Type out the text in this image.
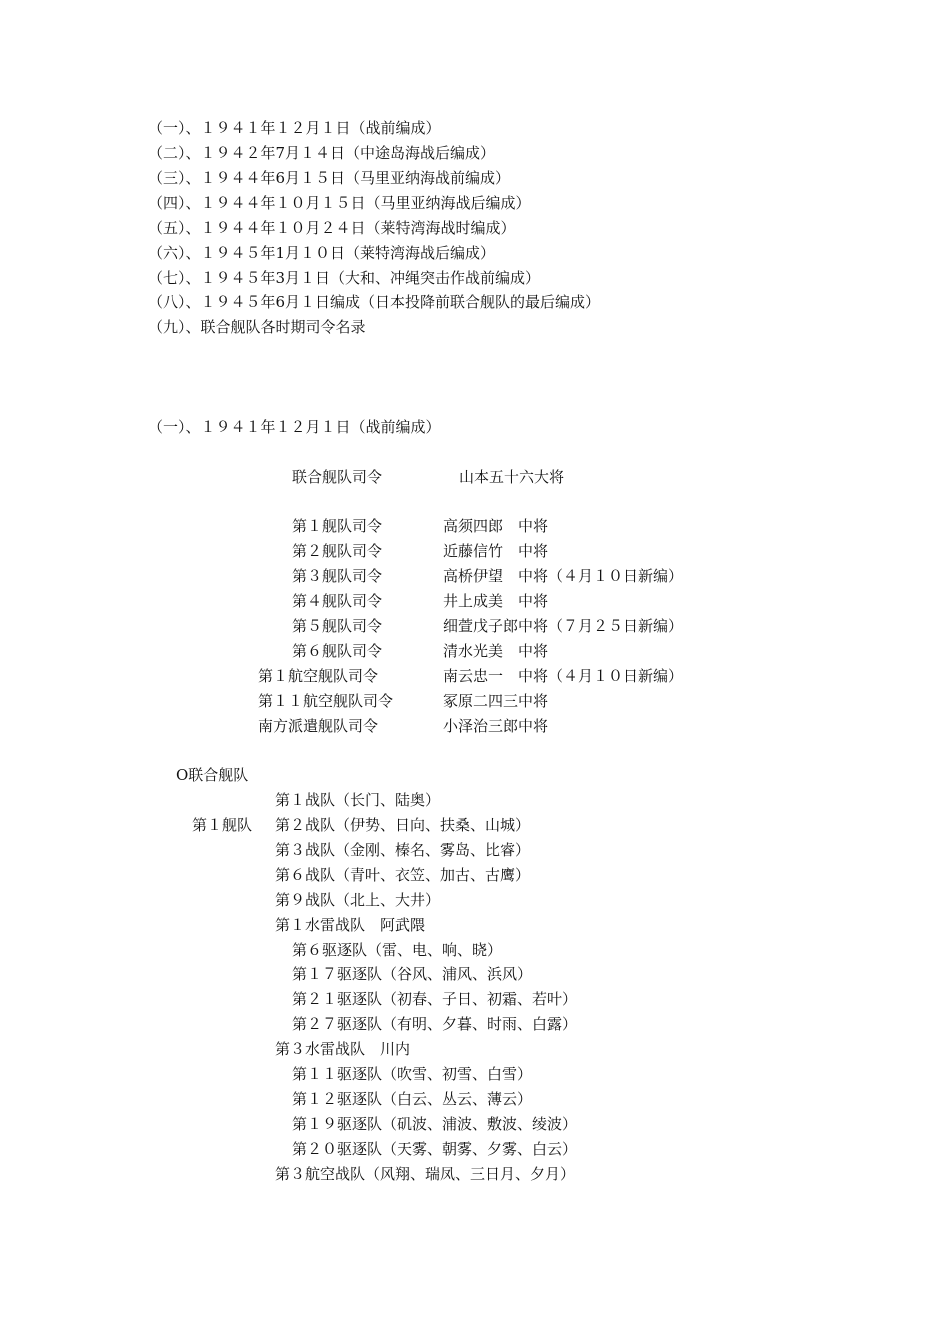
（一）、１９４１年１２月１日（战前编成）
（二）、１９４２年7月１４日（中途岛海战后编成）
（三）、１９４４年6月１５日（马里亚纳海战前编成）
（四）、１９４４年１０月１５日（马里亚纳海战后编成）
（五）、１９４４年１０月２４日（莱特湾海战时编成）
（六）、１９４５年1月１０日（莱特湾海战后编成）
（七）、１９４５年3月１日（大和、冲绳突击作战前编成）
（八）、１９４５年6月１日编成（日本投降前联合舰队的最后编成）
（九）、联合舰队各时期司令名录
（一）、１９４１年１２月１日（战前编成）
联合舰队司令	山本五十六大将
第１舰队司令	高须四郎　中将
第２舰队司令	近藤信竹　中将
第３舰队司令	高桥伊望　中将（４月１０日新编）
第４舰队司令	井上成美　中将
第５舰队司令	细萱戊子郎中将（７月２５日新编）
第６舰队司令	清水光美　中将
第１航空舰队司令	南云忠一　中将（４月１０日新编）
第１１航空舰队司令	冢原二四三中将
南方派遣舰队司令	小泽治三郎中将
O联合舰队
第１舰队
第１战队（长门、陆奥）
第２战队（伊势、日向、扶桑、山城）
第３战队（金刚、榛名、雾岛、比睿）
第６战队（青叶、衣笠、加古、古鹰）
第９战队（北上、大井）
第１水雷战队　阿武隈
第６驱逐队（雷、电、响、晓）
第１７驱逐队（谷风、浦风、浜风）
第２１驱逐队（初春、子日、初霜、若叶）
第２７驱逐队（有明、夕暮、时雨、白露）
第３水雷战队　川内
第１１驱逐队（吹雪、初雪、白雪）
第１２驱逐队（白云、丛云、薄云）
第１９驱逐队（矶波、浦波、敷波、绫波）
第２０驱逐队（天雾、朝雾、夕雾、白云）
第３航空战队（风翔、瑞凤、三日月、夕月）
